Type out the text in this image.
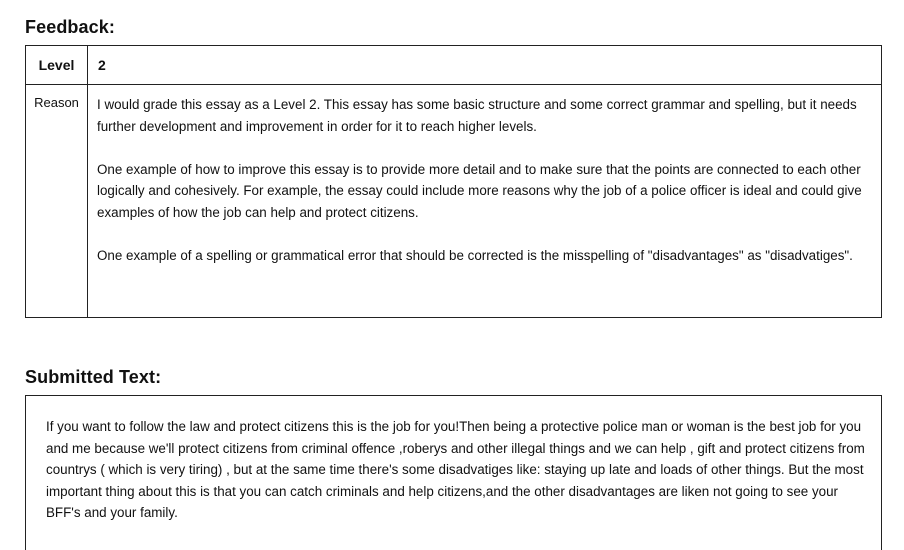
Feedback:
Level	2
Reason	I would grade this essay as a Level 2. This essay has some basic structure and some correct grammar and spelling, but it needs further development and improvement in order for it to reach higher levels.

One example of how to improve this essay is to provide more detail and to make sure that the points are connected to each other logically and cohesively. For example, the essay could include more reasons why the job of a police officer is ideal and could give examples of how the job can help and protect citizens.

One example of a spelling or grammatical error that should be corrected is the misspelling of "disadvantages" as "disadvatiges".

Submitted Text:

If you want to follow the law and protect citizens this is the job for you!Then being a protective police man or woman is the best job for you and me because we'll protect citizens from criminal offence ,roberys and other illegal things and we can help , gift and protect citizens from countrys ( which is very tiring) , but at the same time there's some disadvatiges like: staying up late and loads of other things. But the most important thing about this is that you can catch criminals and help citizens,and the other disadvantages are liken not going to see your BFF's and your family.
